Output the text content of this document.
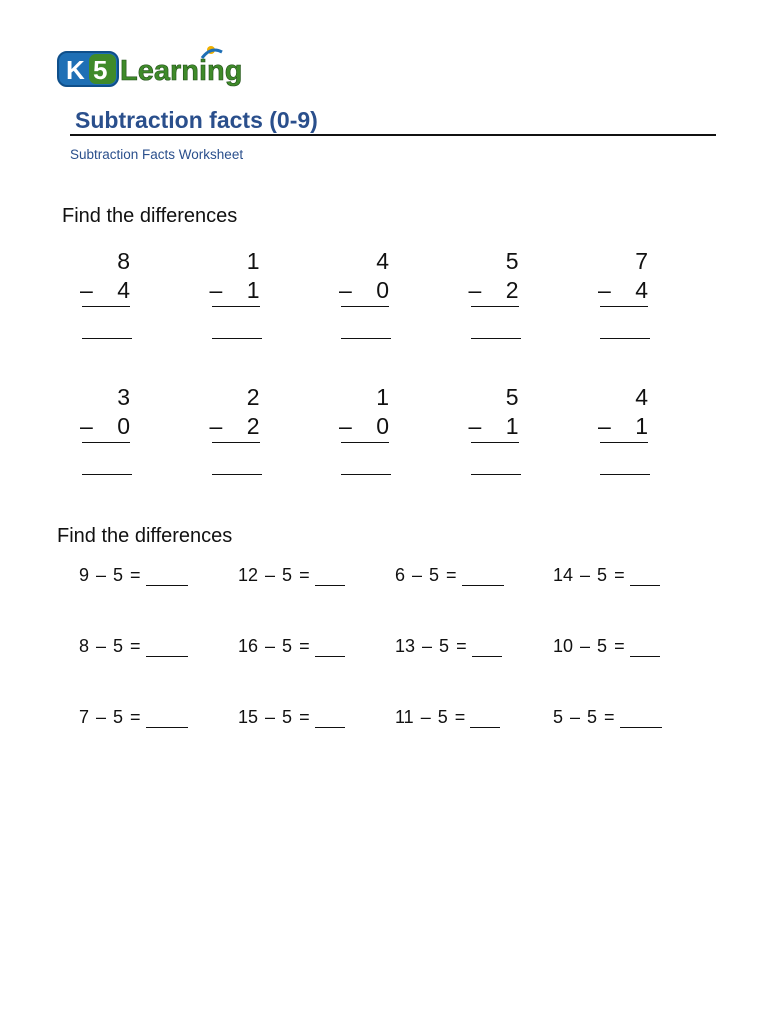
K 5 Learning
Subtraction facts (0-9)
Subtraction Facts Worksheet
Find the differences
8
– 4
1
– 1
4
– 0
5
– 2
7
– 4
3
– 0
2
– 2
1
– 0
5
– 1
4
– 1
Find the differences
9 – 5 =	12 – 5 =	6 – 5 =	14 – 5 =
8 – 5 =	16 – 5 =	13 – 5 =	10 – 5 =
7 – 5 =	15 – 5 =	11 – 5 =	5 – 5 =
